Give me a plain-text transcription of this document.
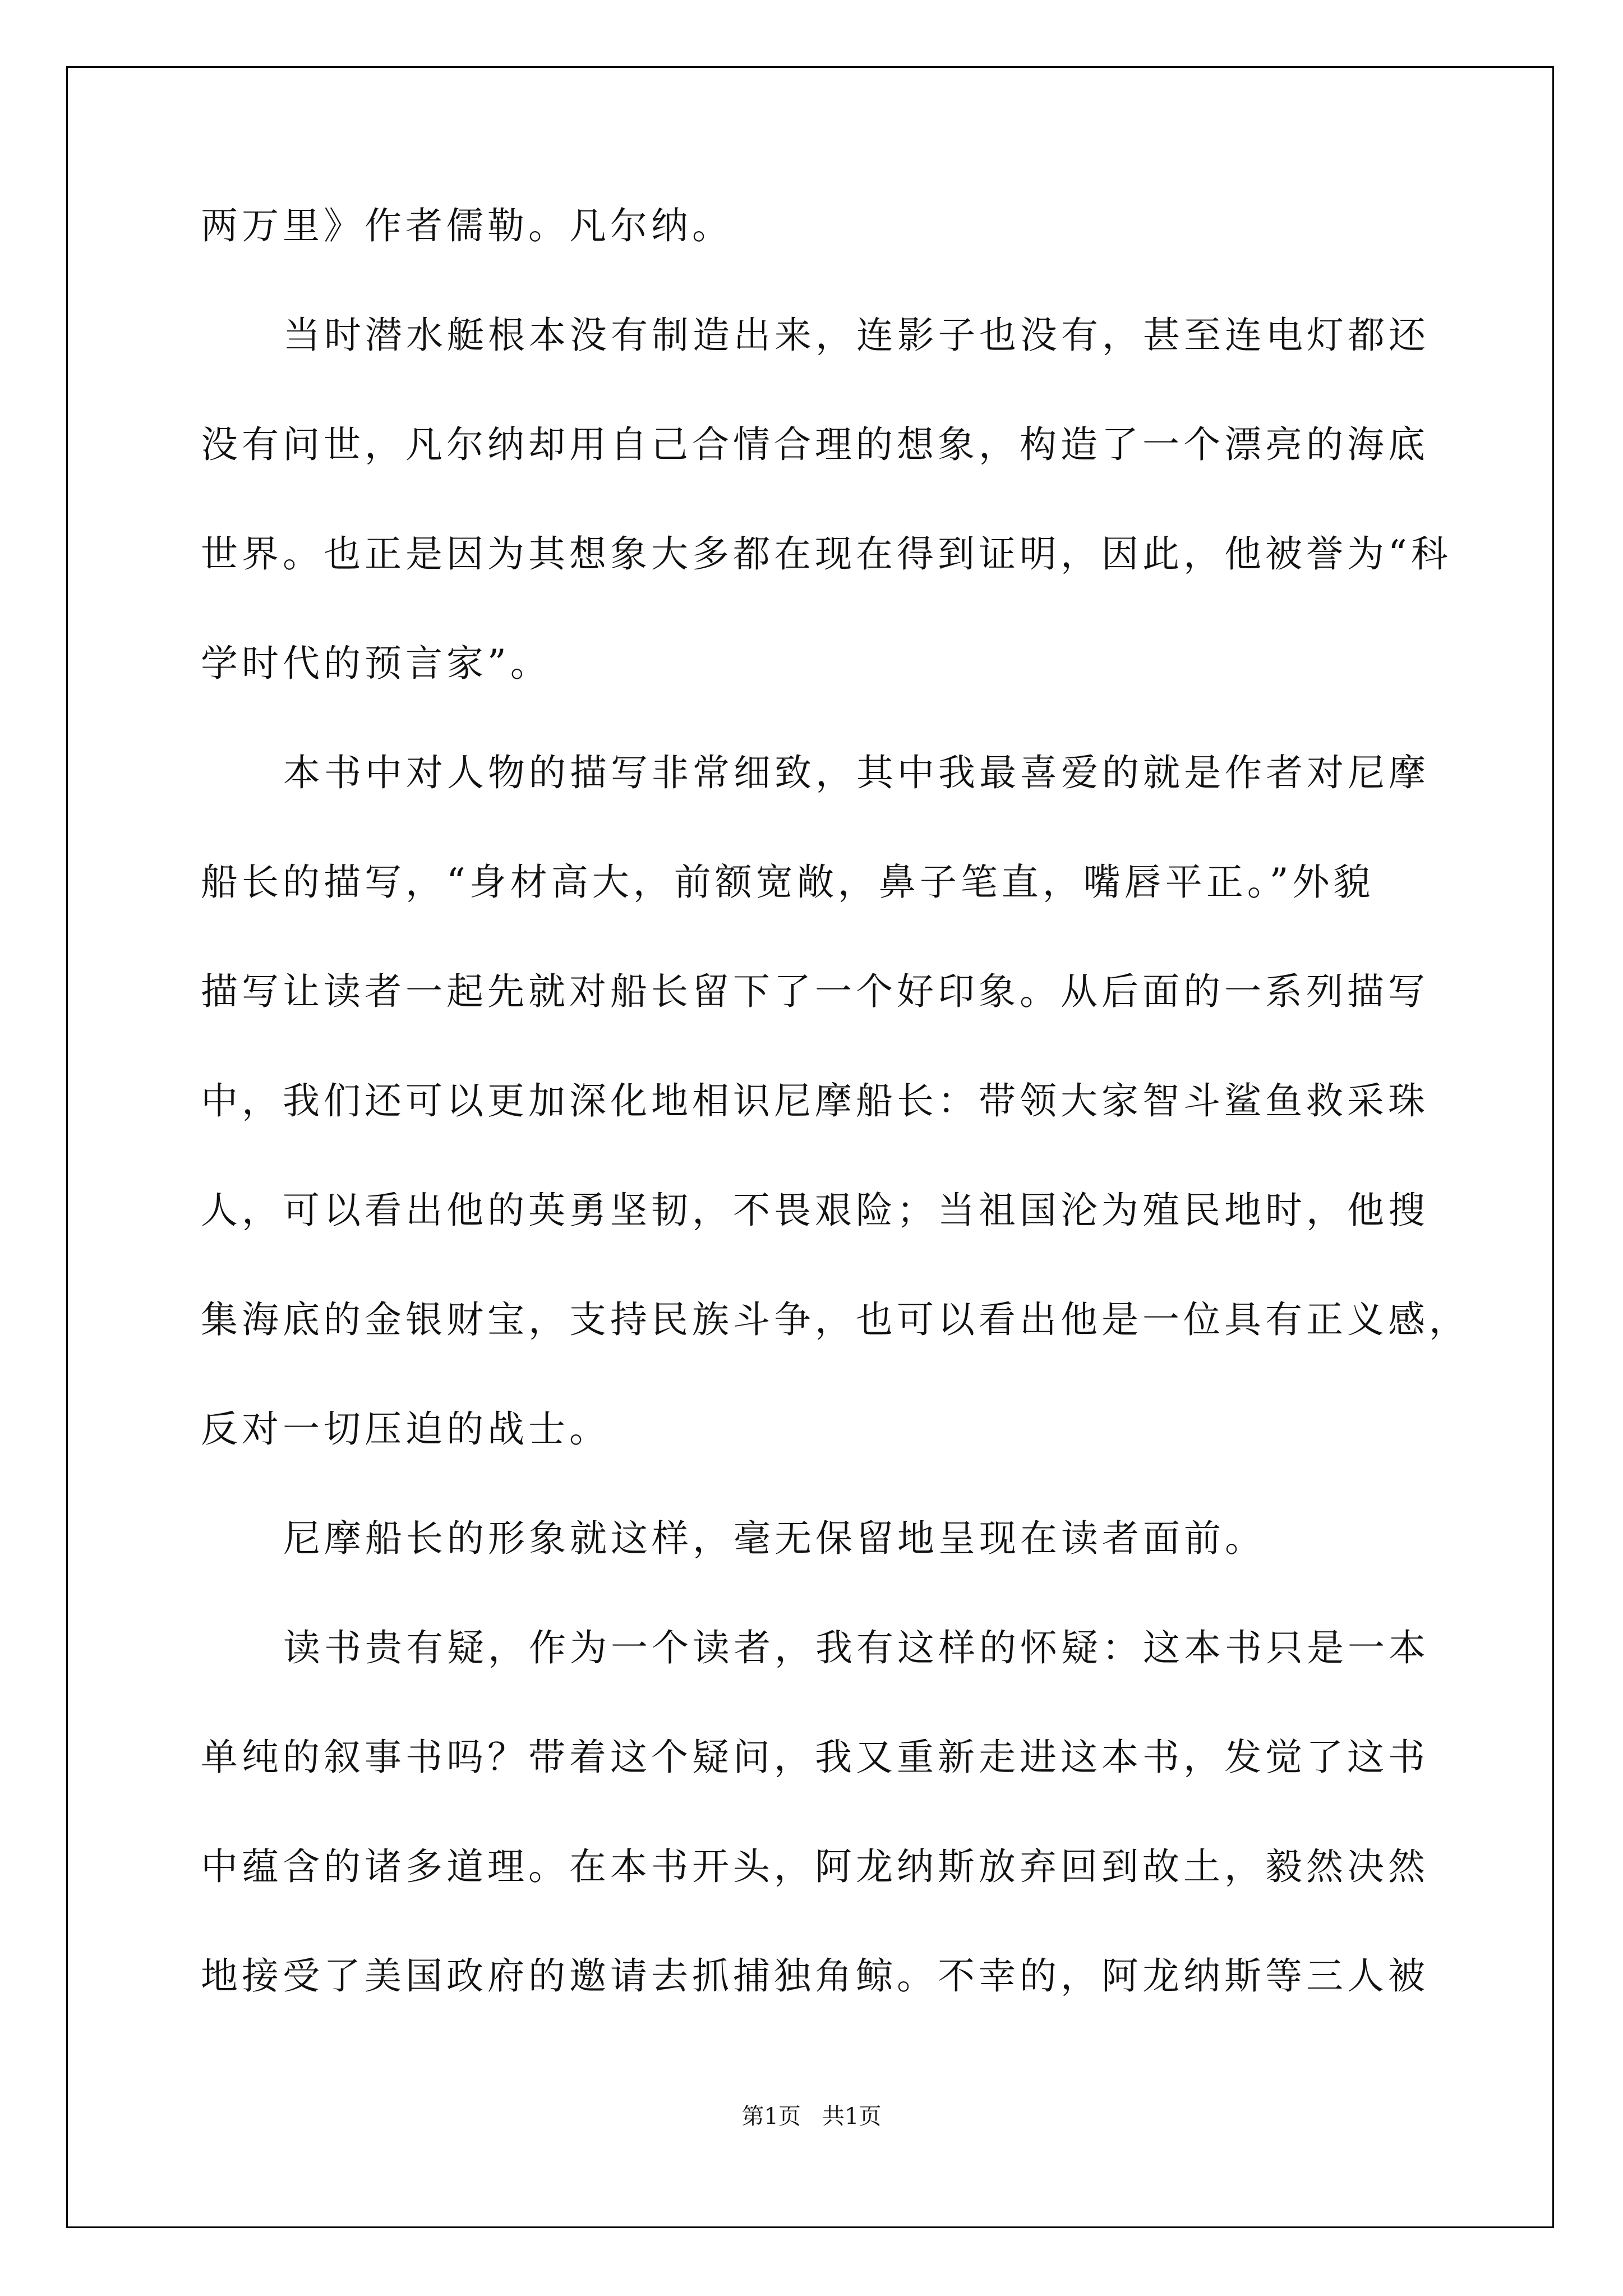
两万里》作者儒勒。凡尔纳。
当时潜水艇根本没有制造出来，连影子也没有，甚至连电灯都还
没有问世，凡尔纳却用自己合情合理的想象，构造了一个漂亮的海底
世界。也正是因为其想象大多都在现在得到证明，因此，他被誉为“科
学时代的预言家”。
本书中对人物的描写非常细致，其中我最喜爱的就是作者对尼摩
船长的描写，“身材高大，前额宽敞，鼻子笔直，嘴唇平正。”外貌
描写让读者一起先就对船长留下了一个好印象。从后面的一系列描写
中，我们还可以更加深化地相识尼摩船长：带领大家智斗鲨鱼救采珠
人，可以看出他的英勇坚韧，不畏艰险；当祖国沦为殖民地时，他搜
集海底的金银财宝，支持民族斗争，也可以看出他是一位具有正义感，
反对一切压迫的战士。
尼摩船长的形象就这样，毫无保留地呈现在读者面前。
读书贵有疑，作为一个读者，我有这样的怀疑：这本书只是一本
单纯的叙事书吗？带着这个疑问，我又重新走进这本书，发觉了这书
中蕴含的诸多道理。在本书开头，阿龙纳斯放弃回到故土，毅然决然
地接受了美国政府的邀请去抓捕独角鲸。不幸的，阿龙纳斯等三人被
第1页   共1页
